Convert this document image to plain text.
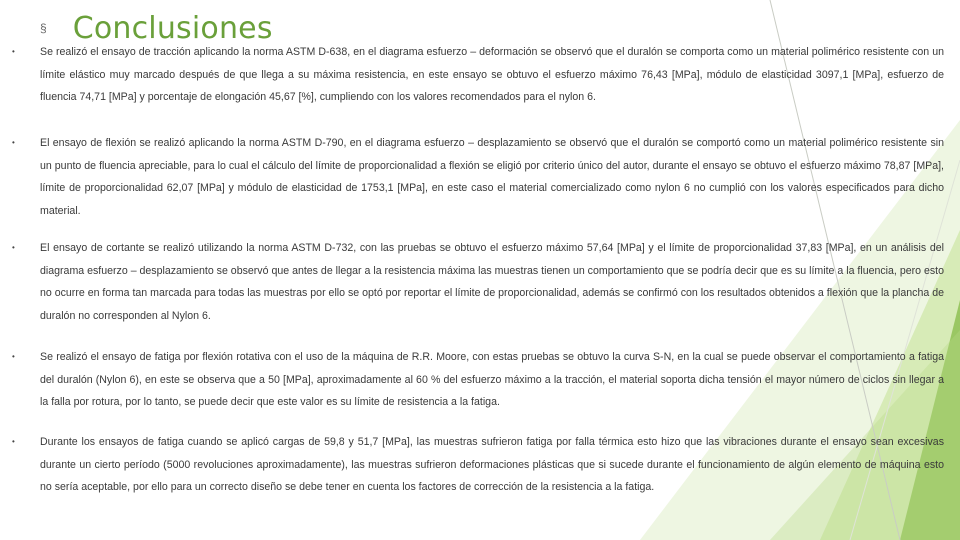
§ Conclusiones
• Se realizó el ensayo de tracción aplicando la norma ASTM D-638, en el diagrama esfuerzo – deformación se observó que el duralón se comporta como un material polimérico resistente con un límite elástico muy marcado después de que llega a su máxima resistencia, en este ensayo se obtuvo el esfuerzo máximo 76,43 [MPa], módulo de elasticidad 3097,1 [MPa], esfuerzo de fluencia 74,71 [MPa] y porcentaje de elongación 45,67 [%], cumpliendo con los valores recomendados para el nylon 6.
• El ensayo de flexión se realizó aplicando la norma ASTM D-790, en el diagrama esfuerzo – desplazamiento se observó que el duralón se comportó como un material polimérico resistente sin un punto de fluencia apreciable, para lo cual el cálculo del límite de proporcionalidad a flexión se eligió por criterio único del autor, durante el ensayo se obtuvo el esfuerzo máximo 78,87 [MPa], límite de proporcionalidad 62,07 [MPa] y módulo de elasticidad de 1753,1 [MPa], en este caso el material comercializado como nylon 6 no cumplió con los valores especificados para dicho material.
• El ensayo de cortante se realizó utilizando la norma ASTM D-732, con las pruebas se obtuvo el esfuerzo máximo 57,64 [MPa] y el límite de proporcionalidad 37,83 [MPa], en un análisis del diagrama esfuerzo – desplazamiento se observó que antes de llegar a la resistencia máxima las muestras tienen un comportamiento que se podría decir que es su límite a la fluencia, pero esto no ocurre en forma tan marcada para todas las muestras por ello se optó por reportar el límite de proporcionalidad, además se confirmó con los resultados obtenidos a flexión que la plancha de duralón no corresponden al Nylon 6.
• Se realizó el ensayo de fatiga por flexión rotativa con el uso de la máquina de R.R. Moore, con estas pruebas se obtuvo la curva S-N, en la cual se puede observar el comportamiento a fatiga del duralón (Nylon 6), en este se observa que a 50 [MPa], aproximadamente al 60 % del esfuerzo máximo a la tracción, el material soporta dicha tensión el mayor número de ciclos sin llegar a la falla por rotura, por lo tanto, se puede decir que este valor es su límite de resistencia a la fatiga.
• Durante los ensayos de fatiga cuando se aplicó cargas de 59,8 y 51,7 [MPa], las muestras sufrieron fatiga por falla térmica esto hizo que las vibraciones durante el ensayo sean excesivas durante un cierto período (5000 revoluciones aproximadamente), las muestras sufrieron deformaciones plásticas que si sucede durante el funcionamiento de algún elemento de máquina esto no sería aceptable, por ello para un correcto diseño se debe tener en cuenta los factores de corrección de la resistencia a la fatiga.
